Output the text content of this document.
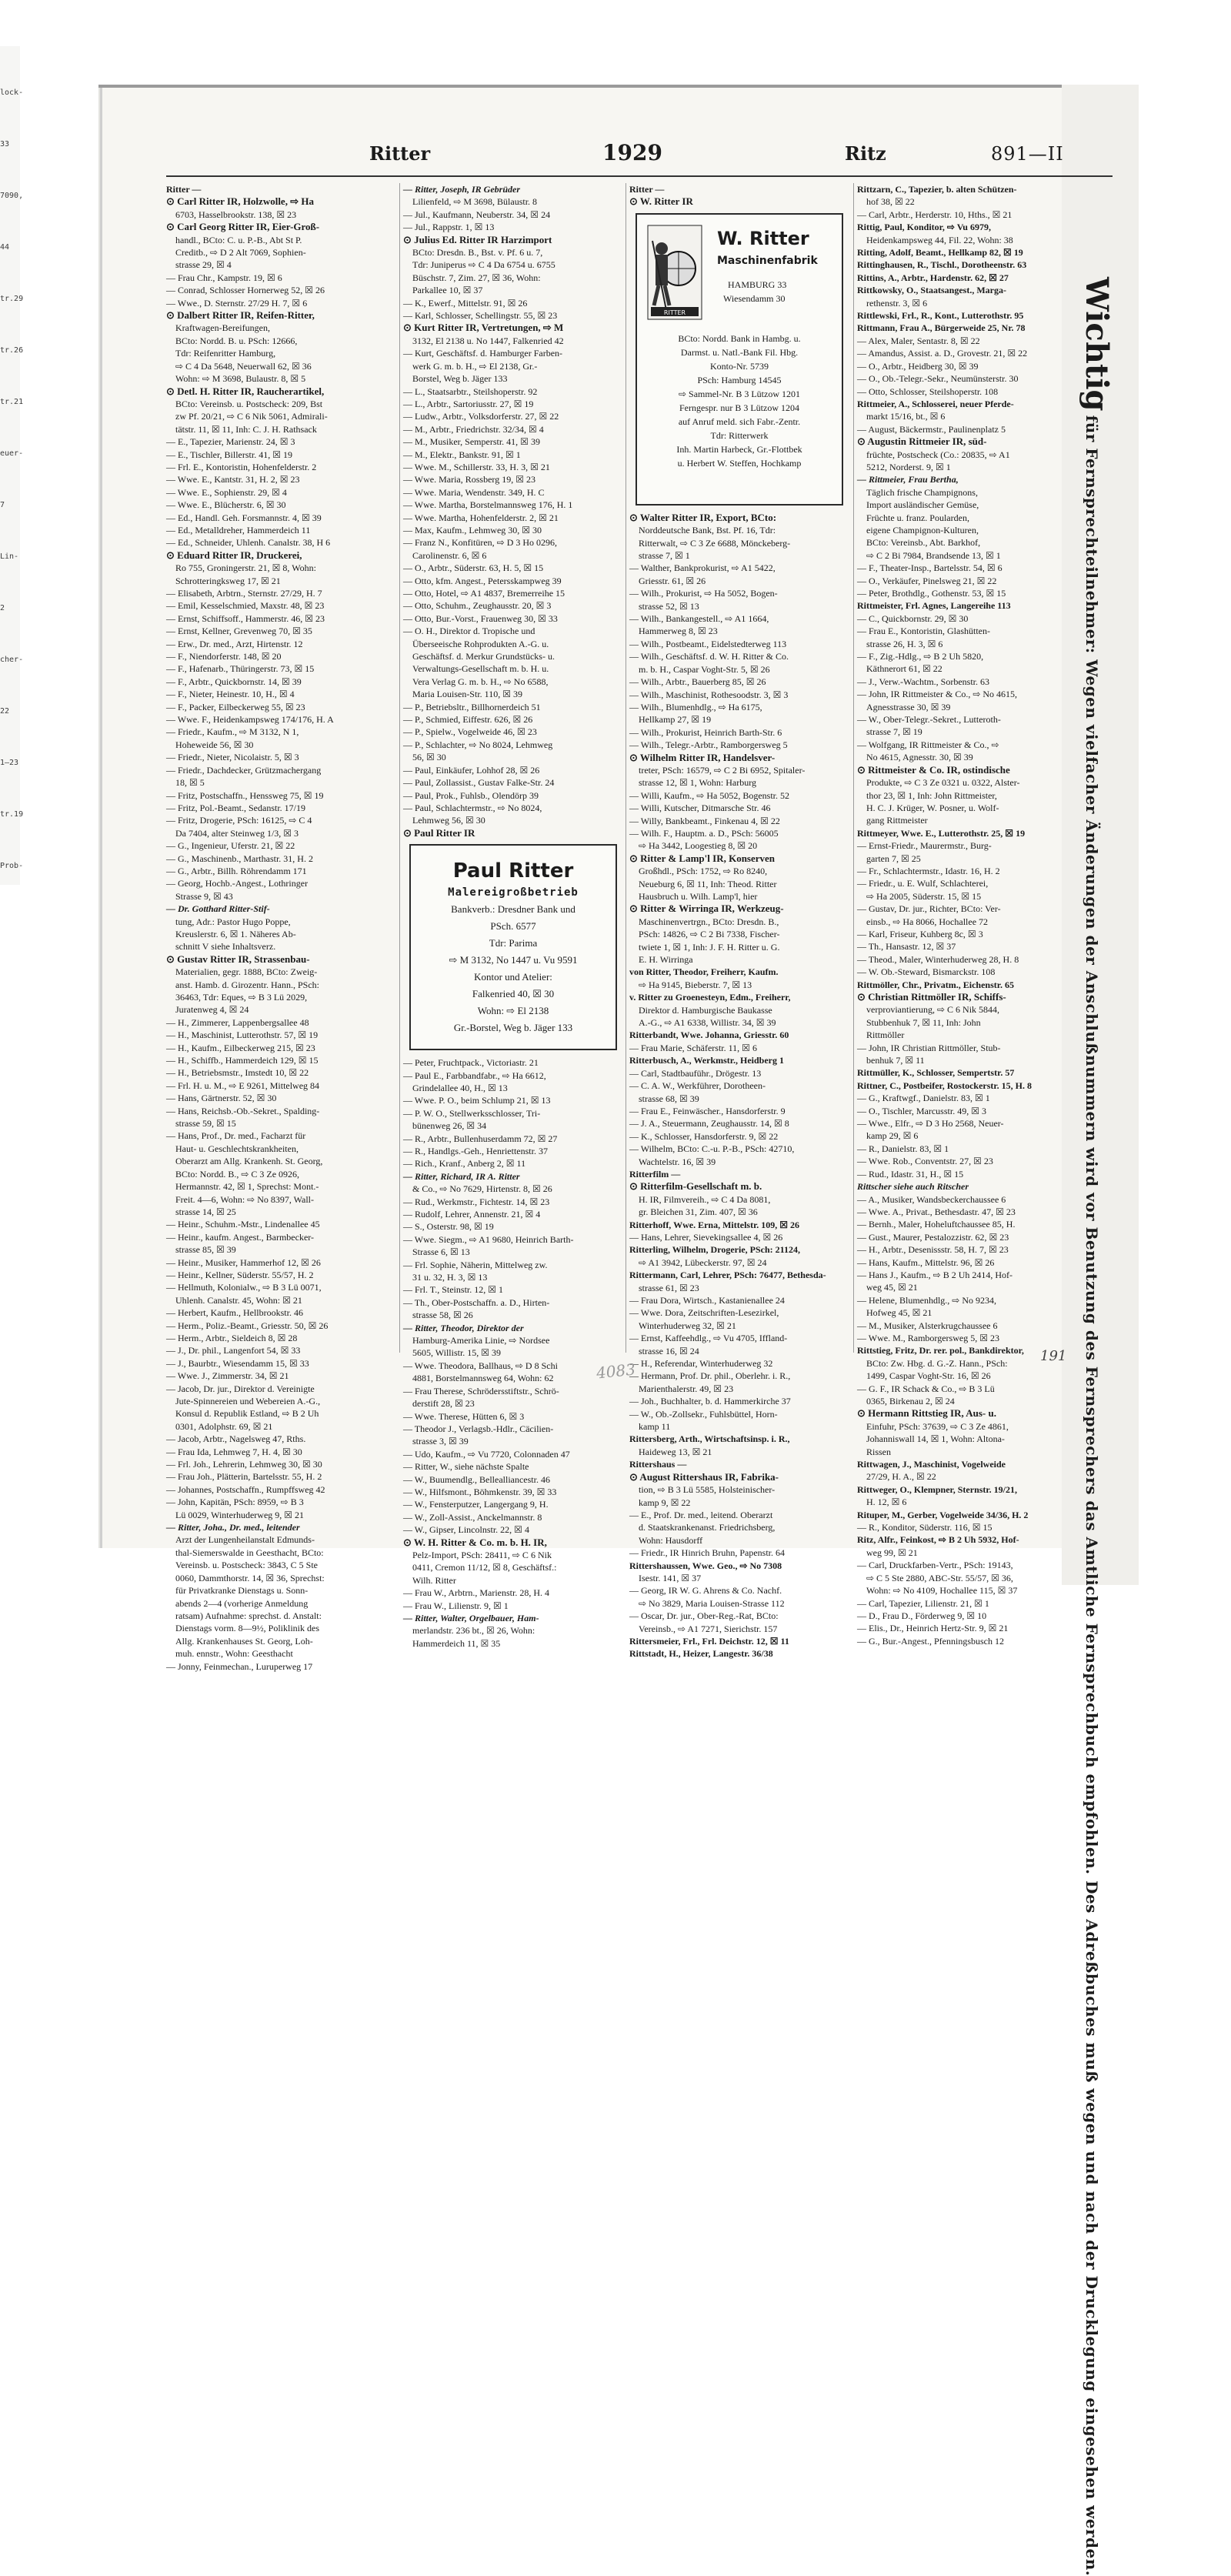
lock-
33
7090,
44
tr.29
tr.26
tr.21
euer-
7
Lin-
2
cher-
22
1—23
tr.19
Prob-
Ritter	1929	Ritz	891—II
Ritter —
⊙ Carl Ritter IR, Holzwolle, ⇨ Ha
6703, Hasselbrookstr. 138, ☒ 23
⊙ Carl Georg Ritter IR, Eier-Groß-
handl., BCto: C. u. P.-B., Abt St P.
Creditb., ⇨ D 2 Alt 7069, Sophien-
strasse 29, ☒ 4
— Frau Chr., Kampstr. 19, ☒ 6
— Conrad, Schlosser Hornerweg 52, ☒ 26
— Wwe., D. Sternstr. 27/29 H. 7, ☒ 6
⊙ Dalbert Ritter IR, Reifen-Ritter,
Kraftwagen-Bereifungen,
BCto: Nordd. B. u. PSch: 12666,
Tdr: Reifenritter Hamburg,
⇨ C 4 Da 5648, Neuerwall 62, ☒ 36
Wohn: ⇨ M 3698, Bulaustr. 8, ☒ 5
⊙ Detl. H. Ritter IR, Raucherartikel,
BCto: Vereinsb. u. Postscheck: 209, Bst
zw Pf. 20/21, ⇨ C 6 Nik 5061, Admirali-
tätstr. 11, ☒ 11, Inh: C. J. H. Rathsack
— E., Tapezier, Marienstr. 24, ☒ 3
— E., Tischler, Billerstr. 41, ☒ 19
— Frl. E., Kontoristin, Hohenfelderstr. 2
— Wwe. E., Kantstr. 31, H. 2, ☒ 23
— Wwe. E., Sophienstr. 29, ☒ 4
— Wwe. E., Blücherstr. 6, ☒ 30
— Ed., Handl. Geh. Forsmannstr. 4, ☒ 39
— Ed., Metalldreher, Hammerdeich 11
— Ed., Schneider, Uhlenh. Canalstr. 38, H 6
⊙ Eduard Ritter IR, Druckerei,
Ro 755, Groningerstr. 21, ☒ 8, Wohn:
Schrotteringksweg 17, ☒ 21
— Elisabeth, Arbtrn., Sternstr. 27/29, H. 7
— Emil, Kesselschmied, Maxstr. 48, ☒ 23
— Ernst, Schiffsoff., Hammerstr. 46, ☒ 23
— Ernst, Kellner, Grevenweg 70, ☒ 35
— Erw., Dr. med., Arzt, Hirtenstr. 12
— F., Niendorferstr. 148, ☒ 20
— F., Hafenarb., Thüringerstr. 73, ☒ 15
— F., Arbtr., Quickbornstr. 14, ☒ 39
— F., Nieter, Heinestr. 10, H., ☒ 4
— F., Packer, Eilbeckerweg 55, ☒ 23
— Wwe. F., Heidenkampsweg 174/176, H. A
— Friedr., Kaufm., ⇨ M 3132, N 1,
Hoheweide 56, ☒ 30
— Friedr., Nieter, Nicolaistr. 5, ☒ 3
— Friedr., Dachdecker, Grützmachergang
18, ☒ 5
— Fritz, Postschaffn., Henssweg 75, ☒ 19
— Fritz, Pol.-Beamt., Sedanstr. 17/19
— Fritz, Drogerie, PSch: 16125, ⇨ C 4
Da 7404, alter Steinweg 1/3, ☒ 3
— G., Ingenieur, Uferstr. 21, ☒ 22
— G., Maschinenb., Marthastr. 31, H. 2
— G., Arbtr., Billh. Röhrendamm 171
— Georg, Hochb.-Angest., Lothringer
Strasse 9, ☒ 43
— Dr. Gotthard Ritter-Stif-
tung, Adr.: Pastor Hugo Poppe,
Kreuslerstr. 6, ☒ 1. Näheres Ab-
schnitt V siehe Inhaltsverz.
⊙ Gustav Ritter IR, Strassenbau-
Materialien, gegr. 1888, BCto: Zweig-
anst. Hamb. d. Girozentr. Hann., PSch:
36463, Tdr: Eques, ⇨ B 3 Lü 2029,
Juratenweg 4, ☒ 24
— H., Zimmerer, Lappenbergsallee 48
— H., Maschinist, Lutterothstr. 57, ☒ 19
— H., Kaufm., Eilbeckerweg 215, ☒ 23
— H., Schiffb., Hammerdeich 129, ☒ 15
— H., Betriebsmstr., Imstedt 10, ☒ 22
— Frl. H. u. M., ⇨ E 9261, Mittelweg 84
— Hans, Gärtnerstr. 52, ☒ 30
— Hans, Reichsb.-Ob.-Sekret., Spalding-
strasse 59, ☒ 15
— Hans, Prof., Dr. med., Facharzt für
Haut- u. Geschlechtskrankheiten,
Oberarzt am Allg. Krankenh. St. Georg,
BCto: Nordd. B., ⇨ C 3 Ze 0926,
Hermannstr. 42, ☒ 1, Sprechst: Mont.-
Freit. 4—6, Wohn: ⇨ No 8397, Wall-
strasse 14, ☒ 25
— Heinr., Schuhm.-Mstr., Lindenallee 45
— Heinr., kaufm. Angest., Barmbecker-
strasse 85, ☒ 39
— Heinr., Musiker, Hammerhof 12, ☒ 26
— Heinr., Kellner, Süderstr. 55/57, H. 2
— Hellmuth, Kolonialw., ⇨ B 3 Lü 0071,
Uhlenh. Canalstr. 45, Wohn: ☒ 21
— Herbert, Kaufm., Hellbrookstr. 46
— Herm., Poliz.-Beamt., Griesstr. 50, ☒ 26
— Herm., Arbtr., Sieldeich 8, ☒ 28
— J., Dr. phil., Langenfort 54, ☒ 33
— J., Baurbtr., Wiesendamm 15, ☒ 33
— Wwe. J., Zimmerstr. 34, ☒ 21
— Jacob, Dr. jur., Direktor d. Vereinigte
Jute-Spinnereien und Webereien A.-G.,
Konsul d. Republik Estland, ⇨ B 2 Uh
0301, Adolphstr. 69, ☒ 21
— Jacob, Arbtr., Nagelsweg 47, Rths.
— Frau Ida, Lehmweg 7, H. 4, ☒ 30
— Frl. Joh., Lehrerin, Lehmweg 30, ☒ 30
— Frau Joh., Plätterin, Bartelsstr. 55, H. 2
— Johannes, Postschaffn., Rumpffsweg 42
— John, Kapitän, PSch: 8959, ⇨ B 3
Lü 0029, Winterhuderweg 9, ☒ 21
— Ritter, Joha., Dr. med., leitender
Arzt der Lungenheilanstalt Edmunds-
thal-Siemerswalde in Geesthacht, BCto:
Vereinsb. u. Postscheck: 3843, C 5 Ste
0060, Dammthorstr. 14, ☒ 36, Sprechst:
für Privatkranke Dienstags u. Sonn-
abends 2—4 (vorherige Anmeldung
ratsam) Aufnahme: sprechst. d. Anstalt:
Dienstags vorm. 8—9½, Poliklinik des
Allg. Krankenhauses St. Georg, Loh-
muh. ennstr., Wohn: Geesthacht
— Jonny, Feinmechan., Luruperweg 17
— Ritter, Joseph, IR Gebrüder
Lilienfeld, ⇨ M 3698, Bülaustr. 8
— Jul., Kaufmann, Neuberstr. 34, ☒ 24
— Jul., Rappstr. 1, ☒ 13
⊙ Julius Ed. Ritter IR Harzimport
BCto: Dresdn. B., Bst. v. Pf. 6 u. 7,
Tdr: Juniperus ⇨ C 4 Da 6754 u. 6755
Büschstr. 7, Zim. 27, ☒ 36, Wohn:
Parkallee 10, ☒ 37
— K., Ewerf., Mittelstr. 91, ☒ 26
— Karl, Schlosser, Schellingstr. 55, ☒ 23
⊙ Kurt Ritter IR, Vertretungen, ⇨ M
3132, El 2138 u. No 1447, Falkenried 42
— Kurt, Geschäftsf. d. Hamburger Farben-
werk G. m. b. H., ⇨ El 2138, Gr.-
Borstel, Weg b. Jäger 133
— L., Staatsarbtr., Steilshoperstr. 92
— L., Arbtr., Sartoriusstr. 27, ☒ 19
— Ludw., Arbtr., Volksdorferstr. 27, ☒ 22
— M., Arbtr., Friedrichstr. 32/34, ☒ 4
— M., Musiker, Semperstr. 41, ☒ 39
— M., Elektr., Bankstr. 91, ☒ 1
— Wwe. M., Schillerstr. 33, H. 3, ☒ 21
— Wwe. Maria, Rossberg 19, ☒ 23
— Wwe. Maria, Wendenstr. 349, H. C
— Wwe. Martha, Borstelmannsweg 176, H. 1
— Wwe. Martha, Hohenfelderstr. 2, ☒ 21
— Max, Kaufm., Lehmweg 30, ☒ 30
— Franz N., Konfitüren, ⇨ D 3 Ho 0296,
Carolinenstr. 6, ☒ 6
— O., Arbtr., Süderstr. 63, H. 5, ☒ 15
— Otto, kfm. Angest., Petersskampweg 39
— Otto, Hotel, ⇨ A1 4837, Bremerreihe 15
— Otto, Schuhm., Zeughausstr. 20, ☒ 3
— Otto, Bur.-Vorst., Frauenweg 30, ☒ 33
— O. H., Direktor d. Tropische und
Überseeische Rohprodukten A.-G. u.
Geschäftsf. d. Merkur Grundstücks- u.
Verwaltungs-Gesellschaft m. b. H. u.
Vera Verlag G. m. b. H., ⇨ No 6588,
Maria Louisen-Str. 110, ☒ 39
— P., Betriebsltr., Billhornerdeich 51
— P., Schmied, Eiffestr. 626, ☒ 26
— P., Spielw., Vogelweide 46, ☒ 23
— P., Schlachter, ⇨ No 8024, Lehmweg
56, ☒ 30
— Paul, Einkäufer, Lohhof 28, ☒ 26
— Paul, Zollassist., Gustav Falke-Str. 24
— Paul, Prok., Fuhlsb., Olendörp 39
— Paul, Schlachtermstr., ⇨ No 8024,
Lehmweg 56, ☒ 30
⊙ Paul Ritter IR
Paul Ritter
Malereigroßbetrieb
Bankverb.: Dresdner Bank und
PSch. 6577
Tdr: Parima
⇨ M 3132, No 1447 u. Vu 9591
Kontor und Atelier:
Falkenried 40, ☒ 30
Wohn: ⇨ El 2138
Gr.-Borstel, Weg b. Jäger 133
— Peter, Fruchtpack., Victoriastr. 21
— Paul E., Farbbandfabr., ⇨ Ha 6612,
Grindelallee 40, H., ☒ 13
— Wwe. P. O., beim Schlump 21, ☒ 13
— P. W. O., Stellwerksschlosser, Tri-
bünenweg 26, ☒ 34
— R., Arbtr., Bullenhuserdamm 72, ☒ 27
— R., Handlgs.-Geh., Henriettenstr. 37
— Rich., Kranf., Anberg 2, ☒ 11
— Ritter, Richard, IR A. Ritter
& Co., ⇨ No 7629, Hirtenstr. 8, ☒ 26
— Rud., Werkmstr., Fichtestr. 14, ☒ 23
— Rudolf, Lehrer, Annenstr. 21, ☒ 4
— S., Osterstr. 98, ☒ 19
— Wwe. Siegm., ⇨ A1 9680, Heinrich Barth-
Strasse 6, ☒ 13
— Frl. Sophie, Näherin, Mittelweg zw.
31 u. 32, H. 3, ☒ 13
— Frl. T., Steinstr. 12, ☒ 1
— Th., Ober-Postschaffn. a. D., Hirten-
strasse 58, ☒ 26
— Ritter, Theodor, Direktor der
Hamburg-Amerika Linie, ⇨ Nordsee
5605, Willistr. 15, ☒ 39
— Wwe. Theodora, Ballhaus, ⇨ D 8 Schi
4881, Borstelmannsweg 64, Wohn: 62
— Frau Therese, Schrödersstiftstr., Schrö-
derstift 28, ☒ 23
— Wwe. Therese, Hütten 6, ☒ 3
— Theodor J., Verlagsb.-Hdlr., Cäcilien-
strasse 3, ☒ 39
— Udo, Kaufm., ⇨ Vu 7720, Colonnaden 47
— Ritter, W., siehe nächste Spalte
— W., Buumendlg., Bellealliancestr. 46
— W., Hilfsmont., Böhmkenstr. 39, ☒ 33
— W., Fensterputzer, Langergang 9, H.
— W., Zoll-Assist., Anckelmannstr. 8
— W., Gipser, Lincolnstr. 22, ☒ 4
⊙ W. H. Ritter & Co. m. b. H. IR,
Pelz-Import, PSch: 28411, ⇨ C 6 Nik
0411, Cremon 11/12, ☒ 8, Geschäftsf.:
Wilh. Ritter
— Frau W., Arbtrn., Marienstr. 28, H. 4
— Frau W., Lilienstr. 9, ☒ 1
— Ritter, Walter, Orgelbauer, Ham-
merlandstr. 236 bt., ☒ 26, Wohn:
Hammerdeich 11, ☒ 35
Ritter —
⊙ W. Ritter IR
RITTER
W. Ritter
Maschinenfabrik
HAMBURG 33
Wiesendamm 30
BCto: Nordd. Bank in Hambg. u.
Darmst. u. Natl.-Bank Fil. Hbg.
Konto-Nr. 5739
PSch: Hamburg 14545
⇨ Sammel-Nr. B 3 Lützow 1201
Ferngespr. nur B 3 Lützow 1204
auf Anruf meld. sich Fabr.-Zentr.
Tdr: Ritterwerk
Inh. Martin Harbeck, Gr.-Flottbek
u. Herbert W. Steffen, Hochkamp
⊙ Walter Ritter IR, Export, BCto:
Norddeutsche Bank, Bst. Pf. 16, Tdr:
Ritterwalt, ⇨ C 3 Ze 6688, Mönckeberg-
strasse 7, ☒ 1
— Walther, Bankprokurist, ⇨ A1 5422,
Griesstr. 61, ☒ 26
— Wilh., Prokurist, ⇨ Ha 5052, Bogen-
strasse 52, ☒ 13
— Wilh., Bankangestell., ⇨ A1 1664,
Hammerweg 8, ☒ 23
— Wilh., Postbeamt., Eidelstedterweg 113
— Wilh., Geschäftsf. d. W. H. Ritter & Co.
m. b. H., Caspar Voght-Str. 5, ☒ 26
— Wilh., Arbtr., Bauerberg 85, ☒ 26
— Wilh., Maschinist, Rothesoodstr. 3, ☒ 3
— Wilh., Blumenhdlg., ⇨ Ha 6175,
Hellkamp 27, ☒ 19
— Wilh., Prokurist, Heinrich Barth-Str. 6
— Wilh., Telegr.-Arbtr., Ramborgersweg 5
⊙ Wilhelm Ritter IR, Handelsver-
treter, PSch: 16579, ⇨ C 2 Bi 6952, Spitaler-
strasse 12, ☒ 1, Wohn: Harburg
— Willi, Kaufm., ⇨ Ha 5052, Bogenstr. 52
— Willi, Kutscher, Ditmarsche Str. 46
— Willy, Bankbeamt., Finkenau 4, ☒ 22
— Wilh. F., Hauptm. a. D., PSch: 56005
⇨ Ha 3442, Loogestieg 8, ☒ 20
⊙ Ritter & Lamp'l IR, Konserven
Großhdl., PSch: 1752, ⇨ Ro 8240,
Neueburg 6, ☒ 11, Inh: Theod. Ritter
Hausbruch u. Wilh. Lamp'l, hier
⊙ Ritter & Wirringa IR, Werkzeug-
Maschinenvertrgn., BCto: Dresdn. B.,
PSch: 14826, ⇨ C 2 Bi 7338, Fischer-
twiete 1, ☒ 1, Inh: J. F. H. Ritter u. G.
E. H. Wirringa
von Ritter, Theodor, Freiherr, Kaufm.
⇨ Ha 9145, Bieberstr. 7, ☒ 13
v. Ritter zu Groenesteyn, Edm., Freiherr,
Direktor d. Hamburgische Baukasse
A.-G., ⇨ A1 6338, Willistr. 34, ☒ 39
Ritterbandt, Wwe. Johanna, Griesstr. 60
— Frau Marie, Schäferstr. 11, ☒ 6
Ritterbusch, A., Werkmstr., Heidberg 1
— Carl, Stadtbauführ., Drögestr. 13
— C. A. W., Werkführer, Dorotheen-
strasse 68, ☒ 39
— Frau E., Feinwäscher., Hansdorferstr. 9
— J. A., Steuermann, Zeughausstr. 14, ☒ 8
— K., Schlosser, Hansdorferstr. 9, ☒ 22
— Wilhelm, BCto: C.-u. P.-B., PSch: 42710,
Wachtelstr. 16, ☒ 39
Ritterfilm —
⊙ Ritterfilm-Gesellschaft m. b.
H. IR, Filmvereih., ⇨ C 4 Da 8081,
gr. Bleichen 31, Zim. 407, ☒ 36
Ritterhoff, Wwe. Erna, Mittelstr. 109, ☒ 26
— Hans, Lehrer, Sievekingsallee 4, ☒ 26
Ritterling, Wilhelm, Drogerie, PSch: 21124,
⇨ A1 3942, Lübeckerstr. 97, ☒ 24
Rittermann, Carl, Lehrer, PSch: 76477, Bethesda-
strasse 61, ☒ 23
— Frau Dora, Wirtsch., Kastanienallee 24
— Wwe. Dora, Zeitschriften-Lesezirkel,
Winterhuderweg 32, ☒ 21
— Ernst, Kaffeehdlg., ⇨ Vu 4705, Iffland-
strasse 16, ☒ 24
— H., Referendar, Winterhuderweg 32
— Hermann, Prof. Dr. phil., Oberlehr. i. R.,
Marienthalerstr. 49, ☒ 23
— Joh., Buchhalter, b. d. Hammerkirche 37
— W., Ob.-Zollsekr., Fuhlsbüttel, Horn-
kamp 11
Rittersberg, Arth., Wirtschaftsinsp. i. R.,
Haideweg 13, ☒ 21
Rittershaus —
⊙ August Rittershaus IR, Fabrika-
tion, ⇨ B 3 Lü 5585, Holsteinischer-
kamp 9, ☒ 22
— E., Prof. Dr. med., leitend. Oberarzt
d. Staatskrankenanst. Friedrichsberg,
Wohn: Hausdorff
— Friedr., IR Hinrich Bruhn, Papenstr. 64
Rittershaussen, Wwe. Geo., ⇨ No 7308
Isestr. 141, ☒ 37
— Georg, IR W. G. Ahrens & Co. Nachf.
⇨ No 3829, Maria Louisen-Strasse 112
— Oscar, Dr. jur., Ober-Reg.-Rat, BCto:
Vereinsb., ⇨ A1 7271, Sierichstr. 157
Rittersmeier, Frl., Frl. Deichstr. 12, ☒ 11
Rittstadt, H., Heizer, Langestr. 36/38
Rittzarn, C., Tapezier, b. alten Schützen-
hof 38, ☒ 22
— Carl, Arbtr., Herderstr. 10, Hths., ☒ 21
Rittig, Paul, Konditor, ⇨ Vu 6979,
Heidenkampsweg 44, Fil. 22, Wohn: 38
Ritting, Adolf, Beamt., Hellkamp 82, ☒ 19
Rittinghausen, R., Tischl., Dorotheenstr. 63
Rittins, A., Arbtr., Hardenstr. 62, ☒ 27
Rittkowsky, O., Staatsangest., Marga-
rethenstr. 3, ☒ 6
Rittlewski, Frl., R., Kont., Lutterothstr. 95
Rittmann, Frau A., Bürgerweide 25, Nr. 78
— Alex, Maler, Sentastr. 8, ☒ 22
— Amandus, Assist. a. D., Grovestr. 21, ☒ 22
— O., Arbtr., Heidberg 30, ☒ 39
— O., Ob.-Telegr.-Sekr., Neumünsterstr. 30
— Otto, Schlosser, Steilshoperstr. 108
Rittmeier, A., Schlosserei, neuer Pferde-
markt 15/16, bt., ☒ 6
— August, Bäckermstr., Paulinenplatz 5
⊙ Augustin Rittmeier IR, süd-
früchte, Postscheck (Co.: 20835, ⇨ A1
5212, Norderst. 9, ☒ 1
— Rittmeier, Frau Bertha,
Täglich frische Champignons,
Import ausländischer Gemüse,
Früchte u. franz. Poularden,
eigene Champignon-Kulturen,
BCto: Vereinsb., Abt. Barkhof,
⇨ C 2 Bi 7984, Brandsende 13, ☒ 1
— F., Theater-Insp., Bartelsstr. 54, ☒ 6
— O., Verkäufer, Pinelsweg 21, ☒ 22
— Peter, Brothdlg., Gothenstr. 53, ☒ 15
Rittmeister, Frl. Agnes, Langereihe 113
— C., Quickbornstr. 29, ☒ 30
— Frau E., Kontoristin, Glashütten-
strasse 26, H. 3, ☒ 6
— F., Zig.-Hdlg., ⇨ B 2 Uh 5820,
Käthnerort 61, ☒ 22
— J., Verw.-Wachtm., Sorbenstr. 63
— John, IR Rittmeister & Co., ⇨ No 4615,
Agnesstrasse 30, ☒ 39
— W., Ober-Telegr.-Sekret., Lutteroth-
strasse 7, ☒ 19
— Wolfgang, IR Rittmeister & Co., ⇨
No 4615, Agnesstr. 30, ☒ 39
⊙ Rittmeister & Co. IR, ostindische
Produkte, ⇨ C 3 Ze 0321 u. 0322, Alster-
thor 23, ☒ 1, Inh: John Rittmeister,
H. C. J. Krüger, W. Posner, u. Wolf-
gang Rittmeister
Rittmeyer, Wwe. E., Lutterothstr. 25, ☒ 19
— Ernst-Friedr., Maurermstr., Burg-
garten 7, ☒ 25
— Fr., Schlachtermstr., Idastr. 16, H. 2
— Friedr., u. E. Wulf, Schlachterei,
⇨ Ha 2005, Süderstr. 15, ☒ 15
— Gustav, Dr. jur., Richter, BCto: Ver-
einsb., ⇨ Ha 8066, Hochallee 72
— Karl, Friseur, Kuhberg 8c, ☒ 3
— Th., Hansastr. 12, ☒ 37
— Theod., Maler, Winterhuderweg 28, H. 8
— W. Ob.-Steward, Bismarckstr. 108
Rittmöller, Chr., Privatm., Eichenstr. 65
⊙ Christian Rittmöller IR, Schiffs-
verproviantierung, ⇨ C 6 Nik 5844,
Stubbenhuk 7, ☒ 11, Inh: John
Rittmöller
— John, IR Christian Rittmöller, Stub-
benhuk 7, ☒ 11
Rittmüller, K., Schlosser, Sempertstr. 57
Rittner, C., Postbeifer, Rostockerstr. 15, H. 8
— G., Kraftwgf., Danielstr. 83, ☒ 1
— O., Tischler, Marcusstr. 49, ☒ 3
— Wwe., Elfr., ⇨ D 3 Ho 2568, Neuer-
kamp 29, ☒ 6
— R., Danielstr. 83, ☒ 1
— Wwe. Rob., Conventstr. 27, ☒ 23
— Rud., Idastr. 31, H., ☒ 15
Rittscher siehe auch Ritscher
— A., Musiker, Wandsbeckerchaussee 6
— Wwe. A., Privat., Bethesdastr. 47, ☒ 23
— Bernh., Maler, Hoheluftchaussee 85, H.
— Gust., Maurer, Pestalozzistr. 62, ☒ 23
— H., Arbtr., Desenissstr. 58, H. 7, ☒ 23
— Hans, Kaufm., Mittelstr. 96, ☒ 26
— Hans J., Kaufm., ⇨ B 2 Uh 2414, Hof-
weg 45, ☒ 21
— Helene, Blumenhdlg., ⇨ No 9234,
Hofweg 45, ☒ 21
— M., Musiker, Alsterkrugchaussee 6
— Wwe. M., Ramborgersweg 5, ☒ 23
Rittstieg, Fritz, Dr. rer. pol., Bankdirektor,
BCto: Zw. Hbg. d. G.-Z. Hann., PSch:
1499, Caspar Voght-Str. 16, ☒ 26
— G. F., IR Schack & Co., ⇨ B 3 Lü
0365, Birkenau 2, ☒ 24
⊙ Hermann Rittstieg IR, Aus- u.
Einfuhr, PSch: 37639, ⇨ C 3 Ze 4861,
Johanniswall 14, ☒ 1, Wohn: Altona-
Rissen
Rittwagen, J., Maschinist, Vogelweide
27/29, H. A., ☒ 22
Rittweger, O., Klempner, Sternstr. 19/21,
H. 12, ☒ 6
Rituper, M., Gerber, Vogelweide 34/36, H. 2
— R., Konditor, Süderstr. 116, ☒ 15
Ritz, Alfr., Feinkost, ⇨ B 2 Uh 5932, Hof-
weg 99, ☒ 21
— Carl, Druckfarben-Vertr., PSch: 19143,
⇨ C 5 Ste 2880, ABC-Str. 55/57, ☒ 36,
Wohn: ⇨ No 4109, Hochallee 115, ☒ 37
— Carl, Tapezier, Lilienstr. 21, ☒ 1
— D., Frau D., Förderweg 9, ☒ 10
— Elis., Dr., Heinrich Hertz-Str. 9, ☒ 21
— G., Bur.-Angest., Pfenningsbusch 12
Wichtig für Fernsprechteilnehmer: Wegen vielfacher Änderungen der Anschlußnummern wird vor Benutzung des Fernsprechers das Amtliche Fernsprechbuch empfohlen. Des Adreßbuches muß wegen und nach der Drucklegung eingesehen werden.
4083
191
